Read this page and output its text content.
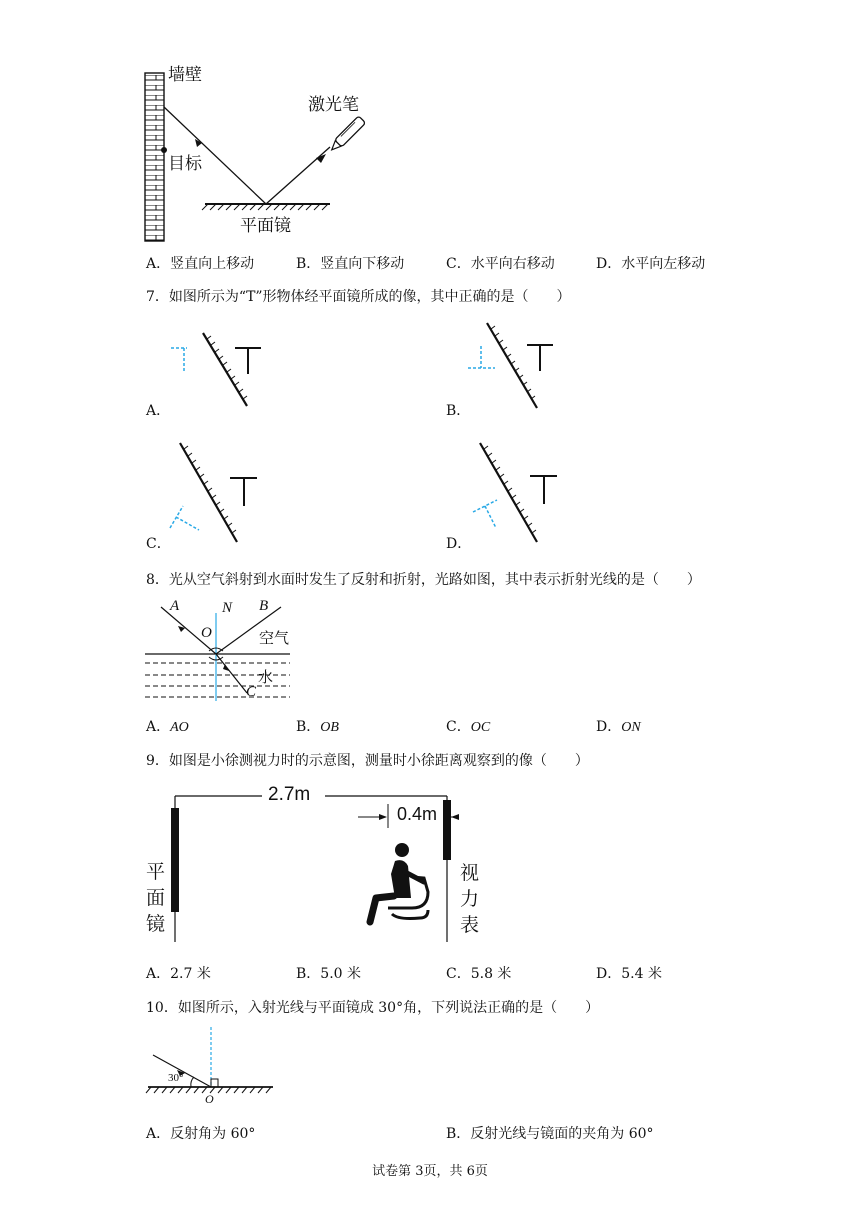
墙壁
激光笔
目标
平面镜
A．竖直向上移动	B．竖直向下移动	C．水平向右移动	D．水平向左移动
7．如图所示为“T”形物体经平面镜所成的像，其中正确的是（　　）
A．	B．
C．	D．
8．光从空气斜射到水面时发生了反射和折射，光路如图，其中表示折射光线的是（　　）
A	N B
O	空气
水
C
A．AO	B．OB	C．OC	D．ON
9．如图是小徐测视力时的示意图，测量时小徐距离观察到的像（　　）
2.7m
0.4m
平
面
镜
视
力
表
A．2.7 米	B．5.0 米	C．5.8 米	D．5.4 米
10．如图所示，入射光线与平面镜成 30°角，下列说法正确的是（　　）
30°
O
A．反射角为 60°	B．反射光线与镜面的夹角为 60°
试卷第 3页，共 6页
